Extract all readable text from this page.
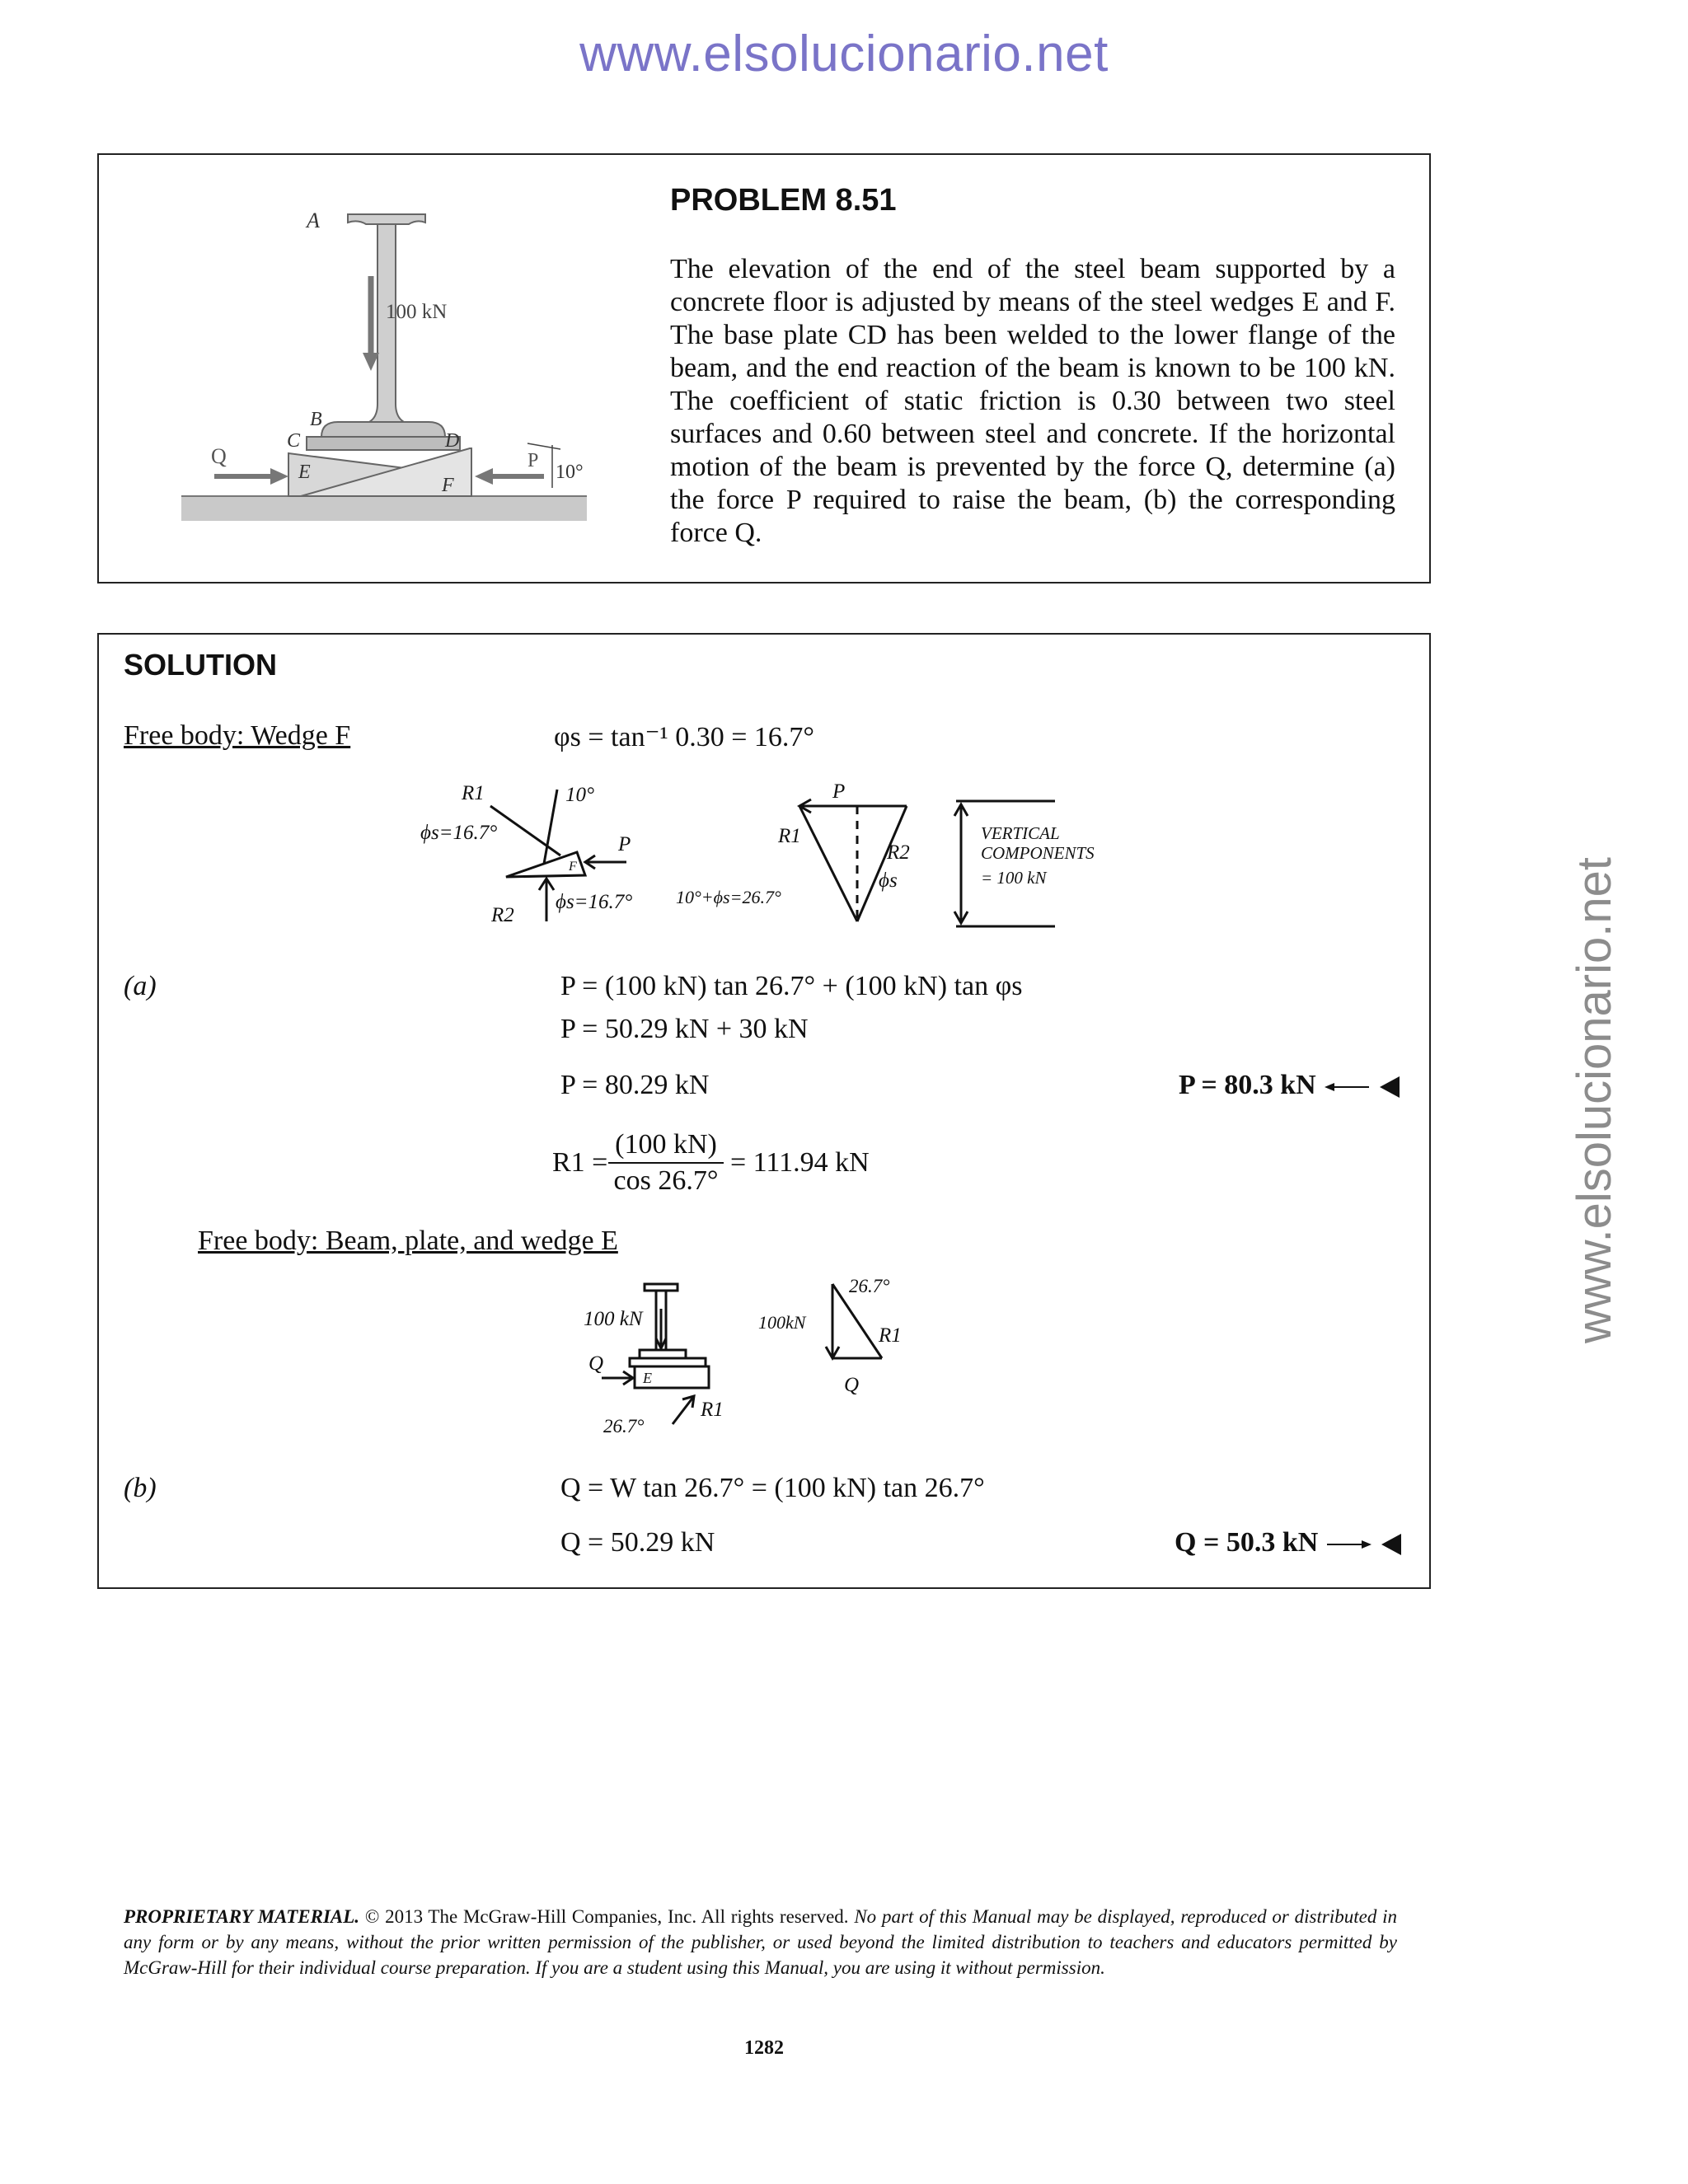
www.elsolucionario.net
www.elsolucionario.net
A
100 kN
B
C	D
E
F
Q	P
10°
PROBLEM 8.51
The elevation of the end of the steel beam supported by a concrete floor is adjusted by means of the steel wedges E and F. The base plate CD has been welded to the lower flange of the beam, and the end reaction of the beam is known to be 100 kN. The coefficient of static friction is 0.30 between two steel surfaces and 0.60 between steel and concrete. If the horizontal motion of the beam is prevented by the force Q, determine (a) the force P required to raise the beam, (b) the corresponding force Q.
SOLUTION
Free body: Wedge F	φs = tan⁻¹ 0.30 = 16.7°
R1	10°
ϕs=16.7°
P
F
R2
ϕs=16.7° 10°+ϕs=26.7°
R1
R2
ϕs
P
VERTICAL
COMPONENTS
= 100 kN
(a)	P = (100 kN) tan 26.7° + (100 kN) tan φs
P = 50.29 kN + 30 kN
P = 80.29 kN	P = 80.3 kN
$R1 = \frac{(100 kN)}{\cos 26.7^\circ} = 111.94$ kN
Free body: Beam, plate, and wedge E
100 kN
Q
E
26.7°
R1
100kN
26.7°
R1
Q
(b)	Q = W tan 26.7° = (100 kN) tan 26.7°
Q = 50.29 kN	Q = 50.3 kN
PROPRIETARY MATERIAL. © 2013 The McGraw-Hill Companies, Inc. All rights reserved. No part of this Manual may be displayed, reproduced or distributed in any form or by any means, without the prior written permission of the publisher, or used beyond the limited distribution to teachers and educators permitted by McGraw-Hill for their individual course preparation. If you are a student using this Manual, you are using it without permission.
1282
